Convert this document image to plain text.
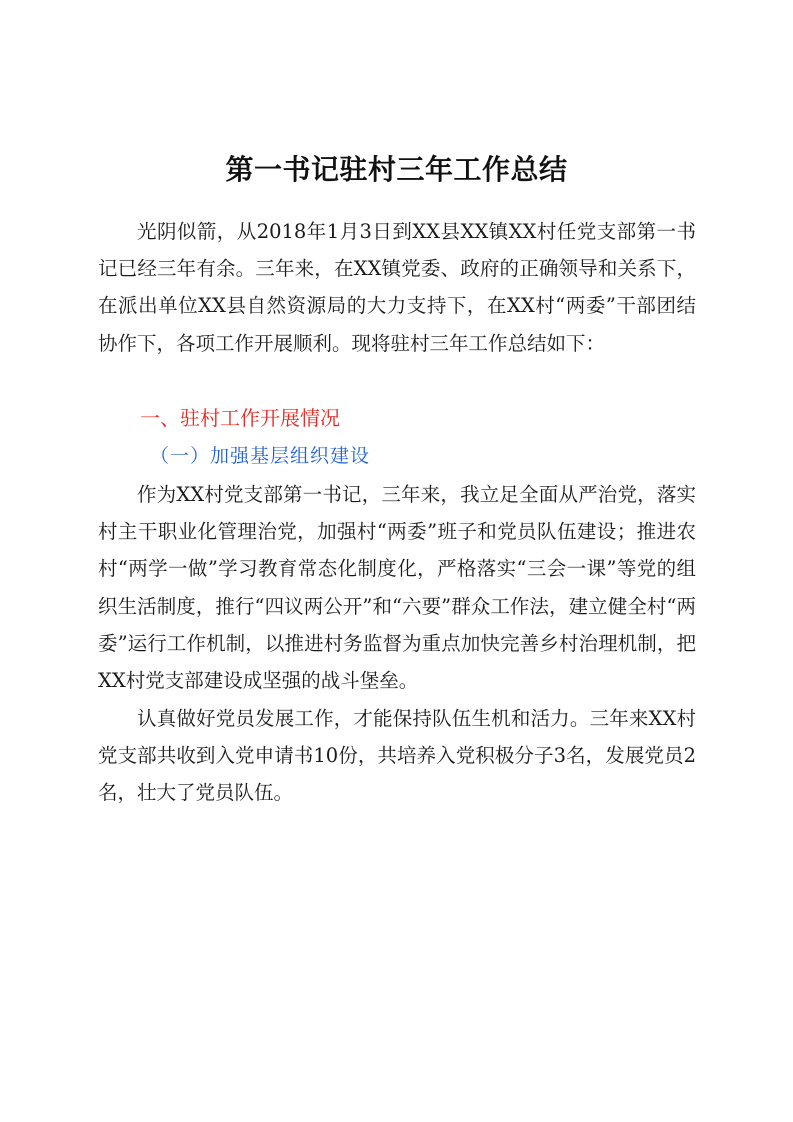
第一书记驻村三年工作总结

光阴似箭，从2018年1月3日到XX县XX镇XX村任党支部第一书记已经三年有余。三年来，在XX镇党委、政府的正确领导和关系下，在派出单位XX县自然资源局的大力支持下，在XX村“两委”干部团结协作下，各项工作开展顺利。现将驻村三年工作总结如下：

一、驻村工作开展情况
（一）加强基层组织建设

作为XX村党支部第一书记，三年来，我立足全面从严治党，落实村主干职业化管理治党，加强村“两委”班子和党员队伍建设；推进农村“两学一做”学习教育常态化制度化，严格落实“三会一课”等党的组织生活制度，推行“四议两公开”和“六要”群众工作法，建立健全村“两委”运行工作机制，以推进村务监督为重点加快完善乡村治理机制，把XX村党支部建设成坚强的战斗堡垒。

认真做好党员发展工作，才能保持队伍生机和活力。三年来XX村党支部共收到入党申请书10份，共培养入党积极分子3名，发展党员2名，壮大了党员队伍。
